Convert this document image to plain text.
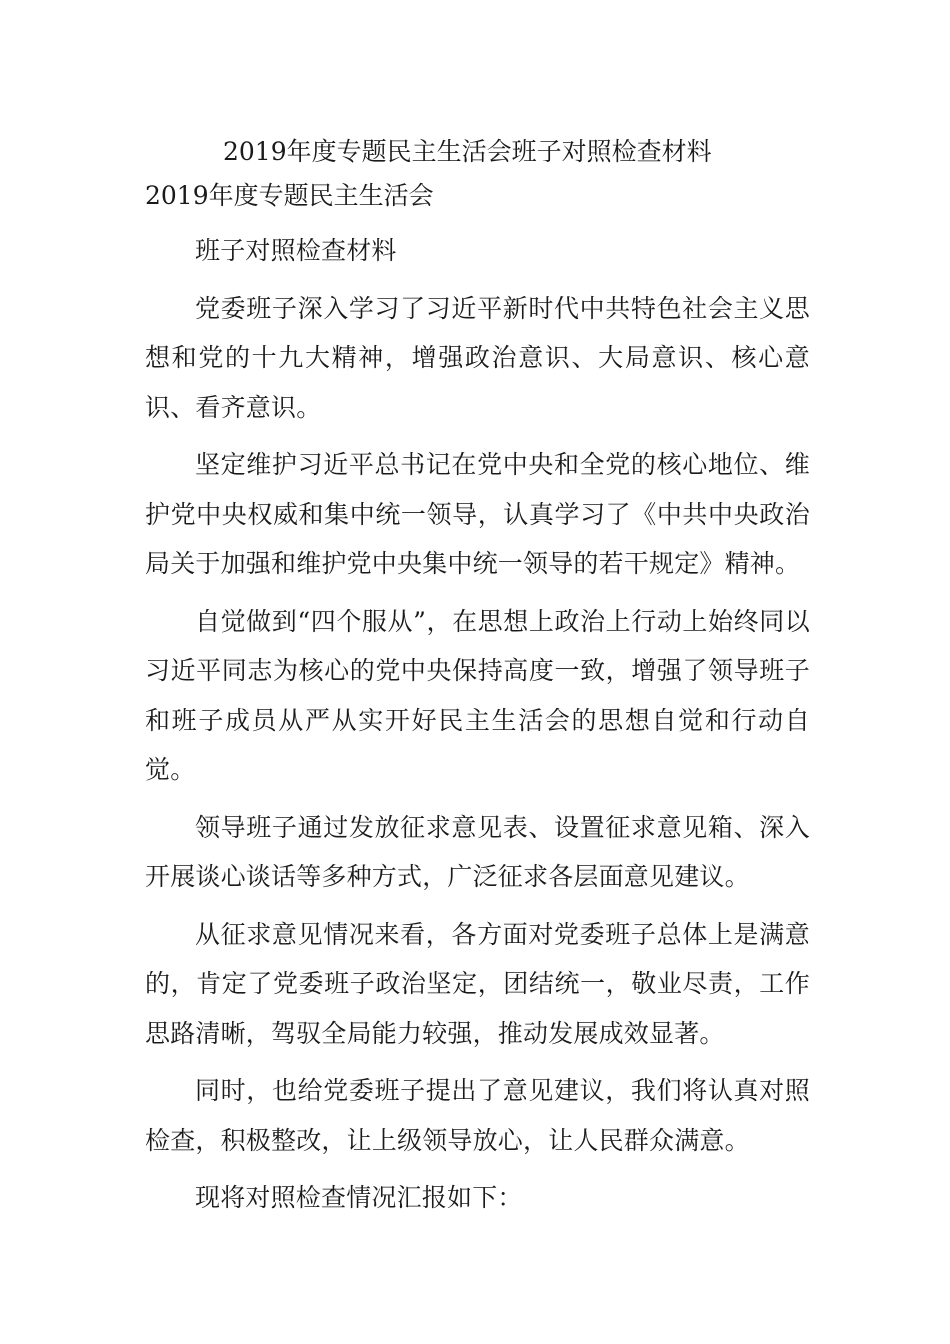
2019年度专题民主生活会班子对照检查材料
2019年度专题民主生活会

班子对照检查材料

党委班子深入学习了习近平新时代中共特色社会主义思想和党的十九大精神，增强政治意识、大局意识、核心意识、看齐意识。

坚定维护习近平总书记在党中央和全党的核心地位、维护党中央权威和集中统一领导，认真学习了《中共中央政治局关于加强和维护党中央集中统一领导的若干规定》精神。

自觉做到“四个服从”，在思想上政治上行动上始终同以习近平同志为核心的党中央保持高度一致，增强了领导班子和班子成员从严从实开好民主生活会的思想自觉和行动自觉。

领导班子通过发放征求意见表、设置征求意见箱、深入开展谈心谈话等多种方式，广泛征求各层面意见建议。

从征求意见情况来看，各方面对党委班子总体上是满意的，肯定了党委班子政治坚定，团结统一，敬业尽责，工作思路清晰，驾驭全局能力较强，推动发展成效显著。

同时，也给党委班子提出了意见建议，我们将认真对照检查，积极整改，让上级领导放心，让人民群众满意。

现将对照检查情况汇报如下：
